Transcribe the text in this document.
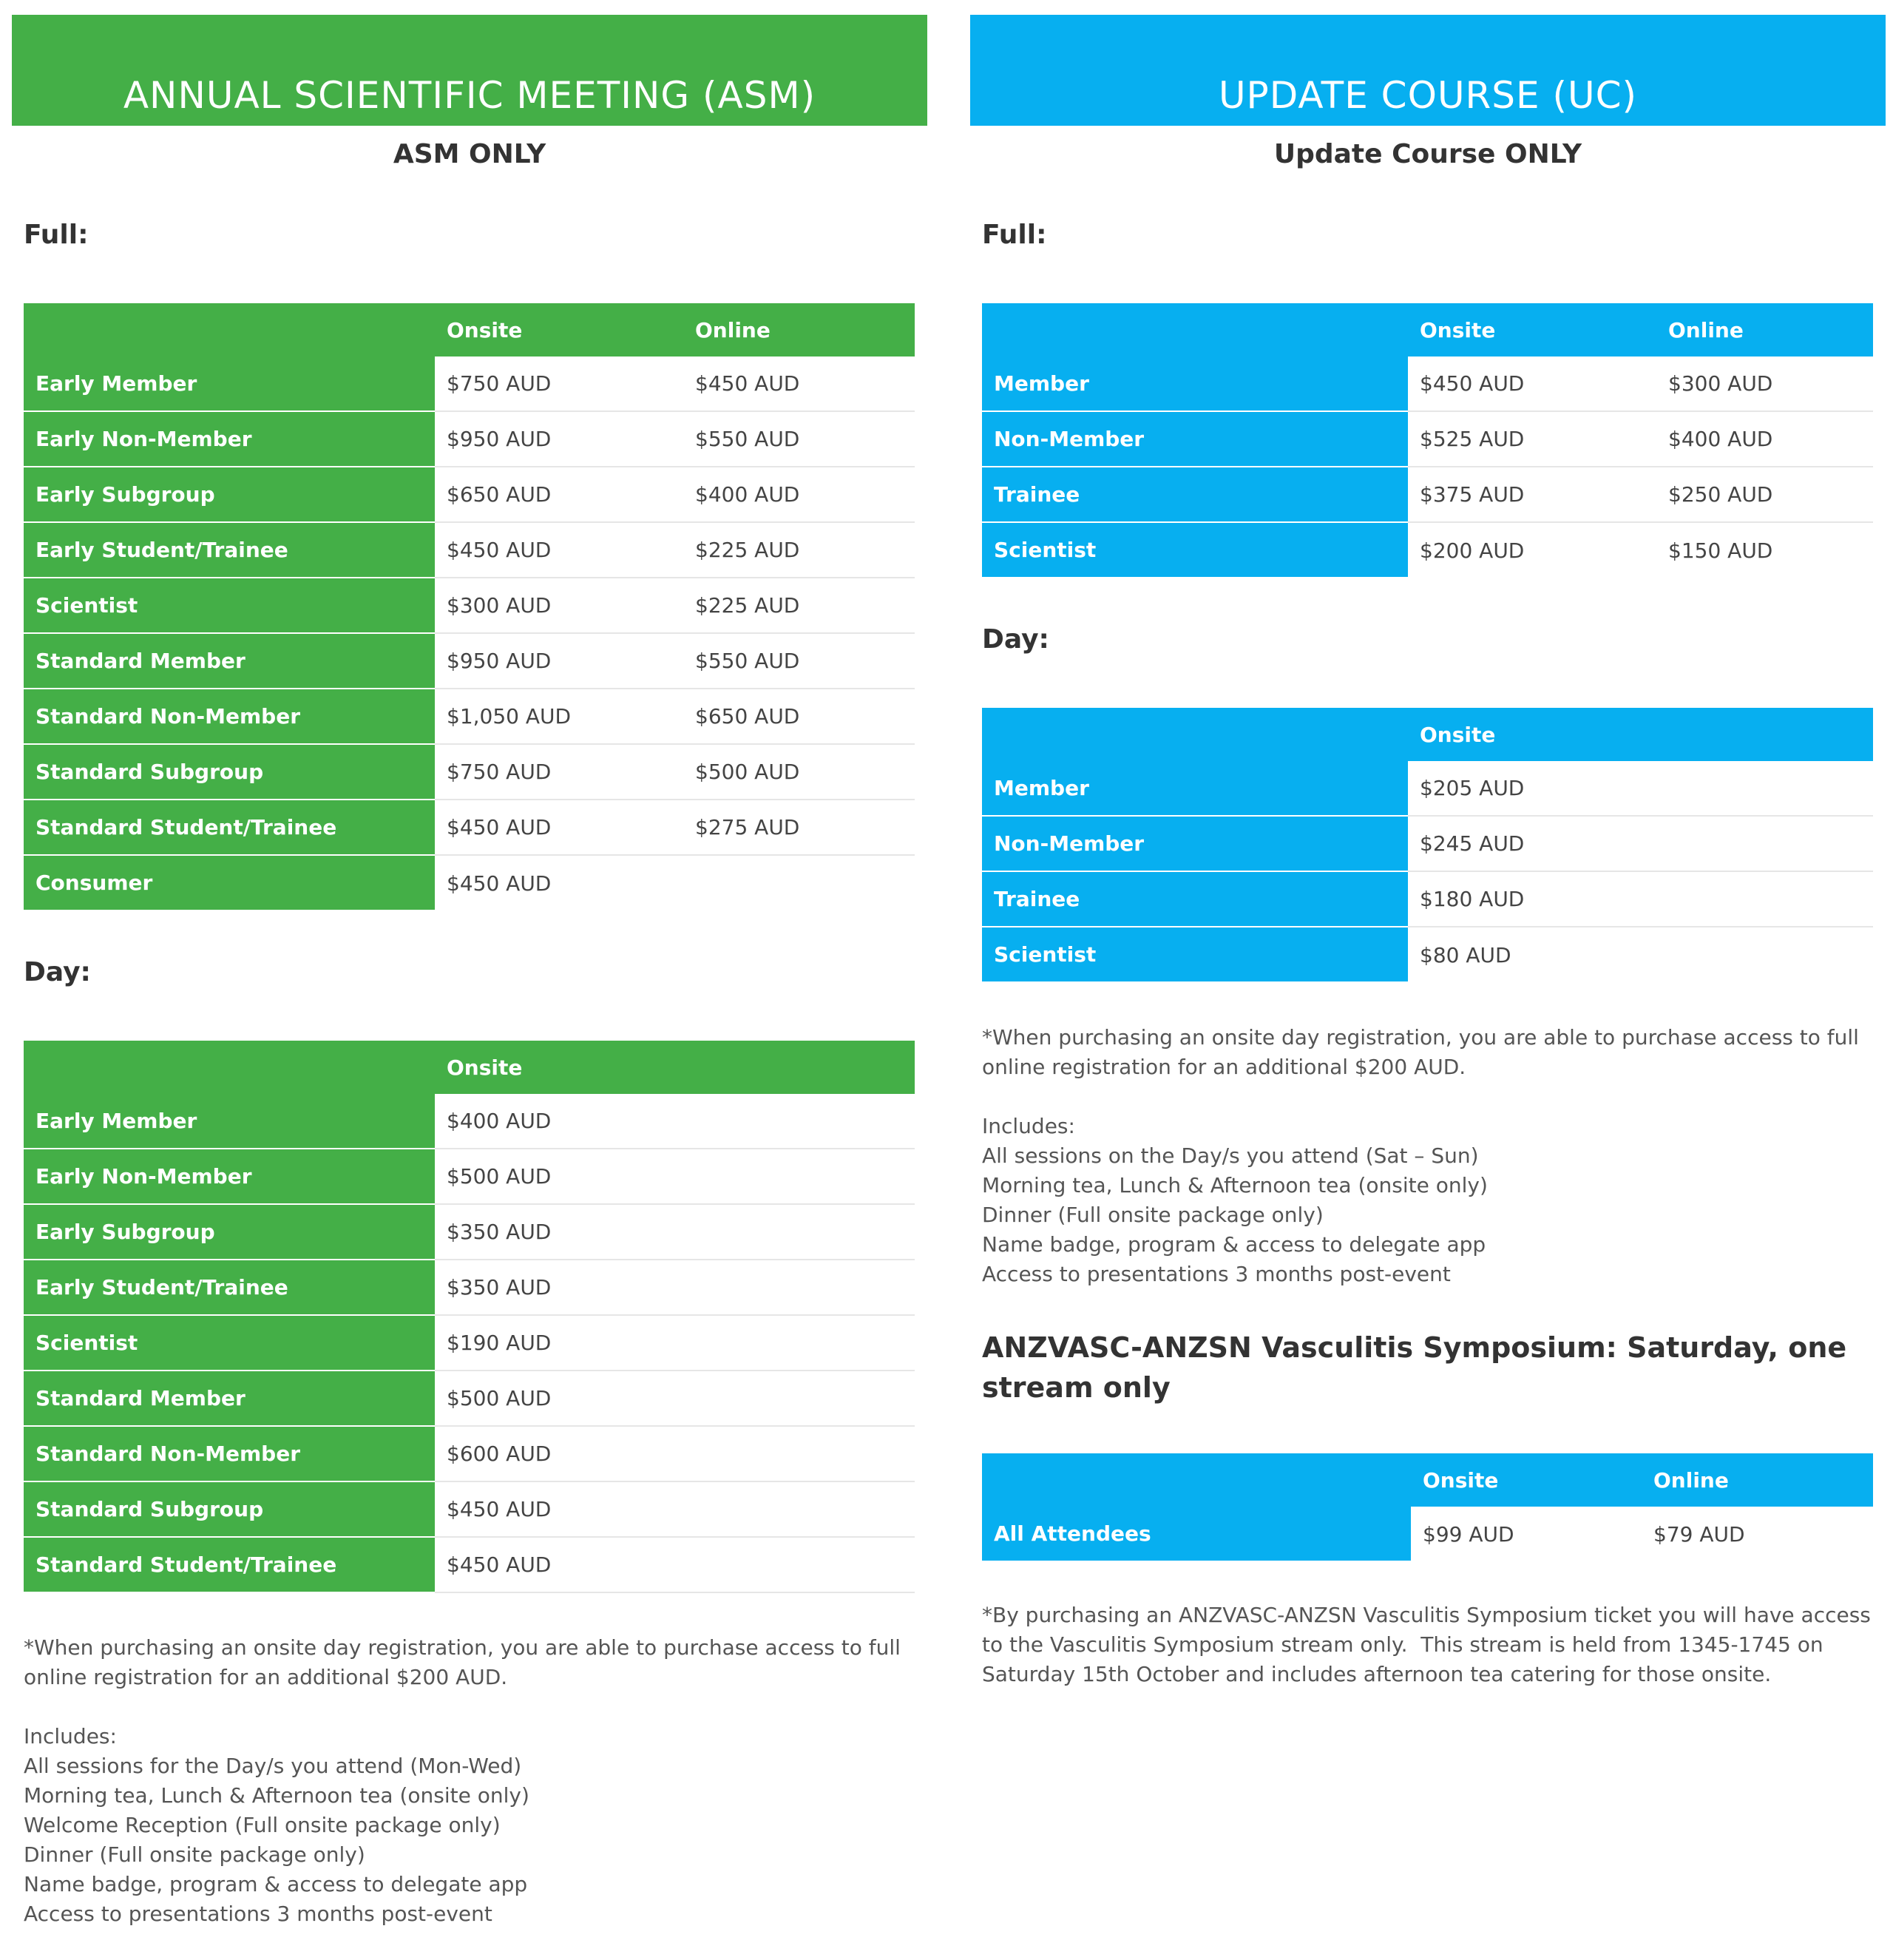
ANNUAL SCIENTIFIC MEETING (ASM)
ASM ONLY
Full:
	Onsite	Online
Early Member	$750 AUD	$450 AUD
Early Non-Member	$950 AUD	$550 AUD
Early Subgroup	$650 AUD	$400 AUD
Early Student/Trainee	$450 AUD	$225 AUD
Scientist	$300 AUD	$225 AUD
Standard Member	$950 AUD	$550 AUD
Standard Non-Member	$1,050 AUD	$650 AUD
Standard Subgroup	$750 AUD	$500 AUD
Standard Student/Trainee	$450 AUD	$275 AUD
Consumer	$450 AUD	
Day:
	Onsite
Early Member	$400 AUD
Early Non-Member	$500 AUD
Early Subgroup	$350 AUD
Early Student/Trainee	$350 AUD
Scientist	$190 AUD
Standard Member	$500 AUD
Standard Non-Member	$600 AUD
Standard Subgroup	$450 AUD
Standard Student/Trainee	$450 AUD

*When purchasing an onsite day registration, you are able to purchase access to full

online registration for an additional $200 AUD.

Includes:

All sessions for the Day/s you attend (Mon-Wed)

Morning tea, Lunch & Afternoon tea (onsite only)

Welcome Reception (Full onsite package only)

Dinner (Full onsite package only)

Name badge, program & access to delegate app

Access to presentations 3 months post-event

UPDATE COURSE (UC)
Update Course ONLY
Full:
	Onsite	Online
Member	$450 AUD	$300 AUD
Non-Member	$525 AUD	$400 AUD
Trainee	$375 AUD	$250 AUD
Scientist	$200 AUD	$150 AUD
Day:
	Onsite
Member	$205 AUD
Non-Member	$245 AUD
Trainee	$180 AUD
Scientist	$80 AUD

*When purchasing an onsite day registration, you are able to purchase access to full

online registration for an additional $200 AUD.

Includes:

All sessions on the Day/s you attend (Sat – Sun)

Morning tea, Lunch & Afternoon tea (onsite only)

Dinner (Full onsite package only)

Name badge, program & access to delegate app

Access to presentations 3 months post-event

ANZVASC-ANZSN Vasculitis Symposium: Saturday, one
stream only
	Onsite	Online
All Attendees	$99 AUD	$79 AUD

*By purchasing an ANZVASC-ANZSN Vasculitis Symposium ticket you will have access

to the Vasculitis Symposium stream only.  This stream is held from 1345-1745 on

Saturday 15th October and includes afternoon tea catering for those onsite.
